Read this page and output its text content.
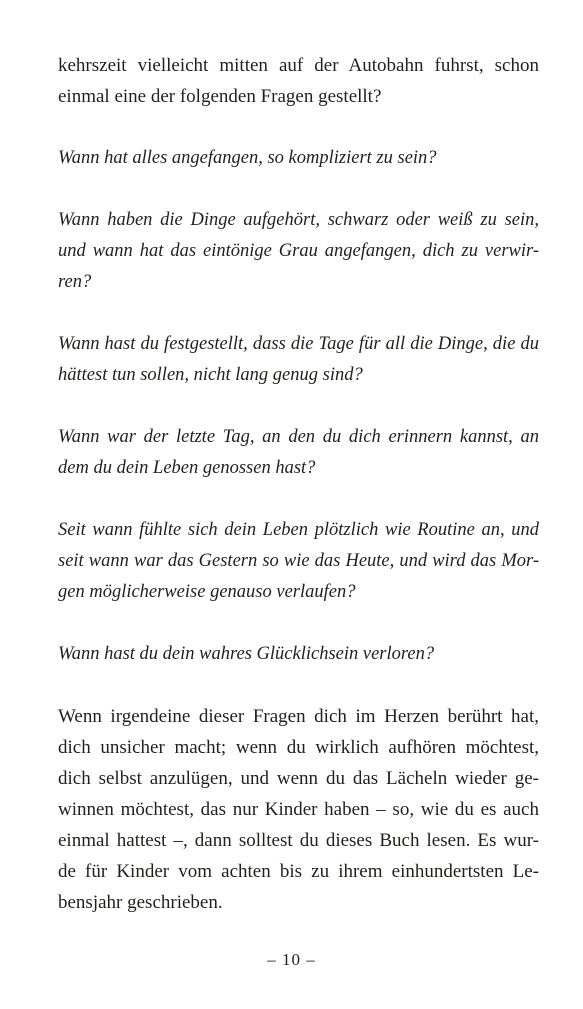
kehrszeit vielleicht mitten auf der Autobahn fuhrst, schon
einmal eine der folgenden Fragen gestellt?

Wann hat alles angefangen, so kompliziert zu sein?

Wann haben die Dinge aufgehört, schwarz oder weiß zu sein,
und wann hat das eintönige Grau angefangen, dich zu verwir-
ren?

Wann hast du festgestellt, dass die Tage für all die Dinge, die du
hättest tun sollen, nicht lang genug sind?

Wann war der letzte Tag, an den du dich erinnern kannst, an
dem du dein Leben genossen hast?

Seit wann fühlte sich dein Leben plötzlich wie Routine an, und
seit wann war das Gestern so wie das Heute, und wird das Mor-
gen möglicherweise genauso verlaufen?

Wann hast du dein wahres Glücklichsein verloren?

Wenn irgendeine dieser Fragen dich im Herzen berührt hat,
dich unsicher macht; wenn du wirklich aufhören möchtest,
dich selbst anzulügen, und wenn du das Lächeln wieder ge-
winnen möchtest, das nur Kinder haben – so, wie du es auch
einmal hattest –, dann solltest du dieses Buch lesen. Es wur-
de für Kinder vom achten bis zu ihrem einhundertsten Le-
bensjahr geschrieben.

– 10 –
